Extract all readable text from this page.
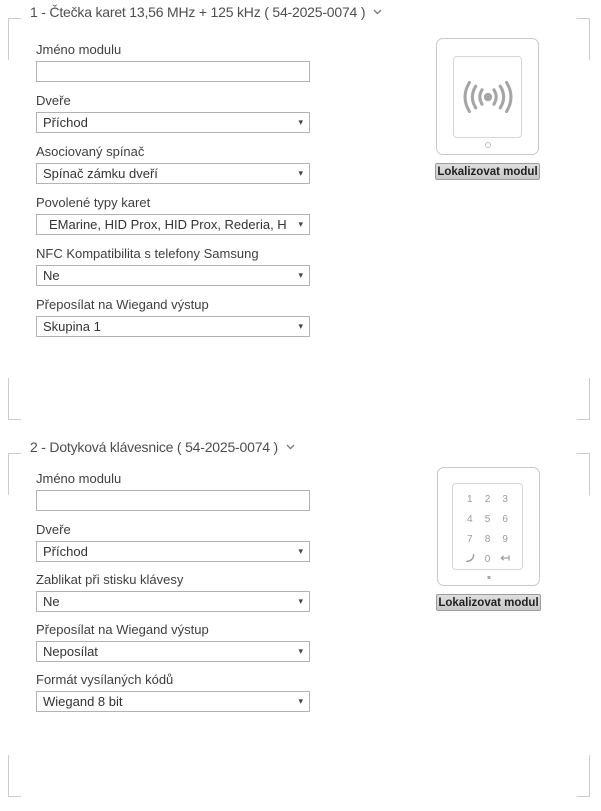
1 - Čtečka karet 13,56 MHz + 125 kHz ( 54-2025-0074 )
Jméno modulu
Dveře
Příchod	▾
Asociovaný spínač
Spínač zámku dveří	▾
Povolené typy karet
EMarine, HID Prox, HID Prox, Rederia, H ▾
NFC Kompatibilita s telefony Samsung
Ne	▾
Přeposílat na Wiegand výstup
Skupina 1	▾
Lokalizovat modul
2 - Dotyková klávesnice ( 54-2025-0074 )
Jméno modulu
Dveře
Příchod	▾
Zablikat při stisku klávesy
Ne	▾
Přeposílat na Wiegand výstup
Neposílat	▾
Formát vysílaných kódů
Wiegand 8 bit	▾
1	2	3
4	5	6
7	8	9
0
Lokalizovat modul
